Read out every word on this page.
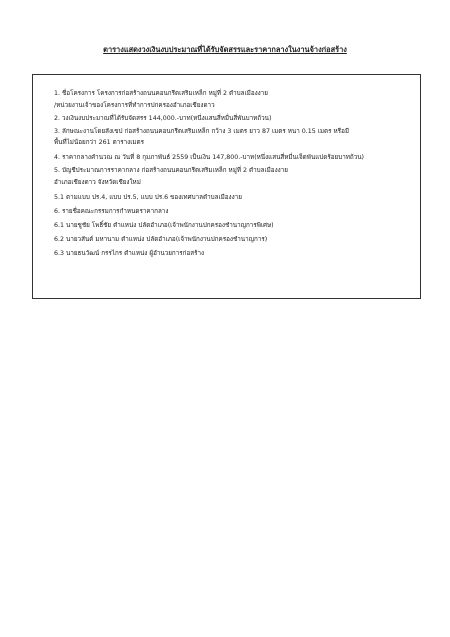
ตารางแสดงวงเงินงบประมาณที่ได้รับจัดสรรและราคากลางในงานจ้างก่อสร้าง
1. ชื่อโครงการ โครงการก่อสร้างถนนคอนกรีตเสริมเหล็ก หมู่ที่ 2 ตำบลเมืองงาย
/หน่วยงานเจ้าของโครงการที่ทำการปกครองอำเภอเชียงดาว
2. วงเงินงบประมาณที่ได้รับจัดสรร 144,000.-บาท(หนึ่งแสนสี่หมื่นสี่พันบาทถ้วน)
3. ลักษณะงานโดยสังเขป ก่อสร้างถนนคอนกรีตเสริมเหล็ก กว้าง 3 เมตร ยาว 87 เมตร หนา 0.15 เมตร หรือมี
พื้นที่ไม่น้อยกว่า 261 ตารางเมตร
4. ราคากลางคำนวณ ณ วันที่ 8 กุมภาพันธ์ 2559 เป็นเงิน 147,800.-บาท(หนึ่งแสนสี่หมื่นเจ็ดพันแปดร้อยบาทถ้วน)
5. บัญชีประมาณการราคากลาง ก่อสร้างถนนคอนกรีตเสริมเหล็ก หมู่ที่ 2 ตำบลเมืองงาย
อำเภอเชียงดาว จังหวัดเชียงใหม่
5.1 ตามแบบ ปร.4, แบบ ปร.5, แบบ ปร.6 ของเทศบาลตำบลเมืองงาย
6. รายชื่อคณะกรรมการกำหนดราคากลาง
6.1 นายชูชัย โพธิ์ชัย ตำแหน่ง ปลัดอำเภอ(เจ้าพนักงานปกครองชำนาญการพิเศษ)
6.2 นายวสันต์ มหานาม ตำแหน่ง ปลัดอำเภอ(เจ้าพนักงานปกครองชำนาญการ)
6.3 นายธนวัฒน์ กรรไกร ตำแหน่ง ผู้อำนวยการก่อสร้าง
